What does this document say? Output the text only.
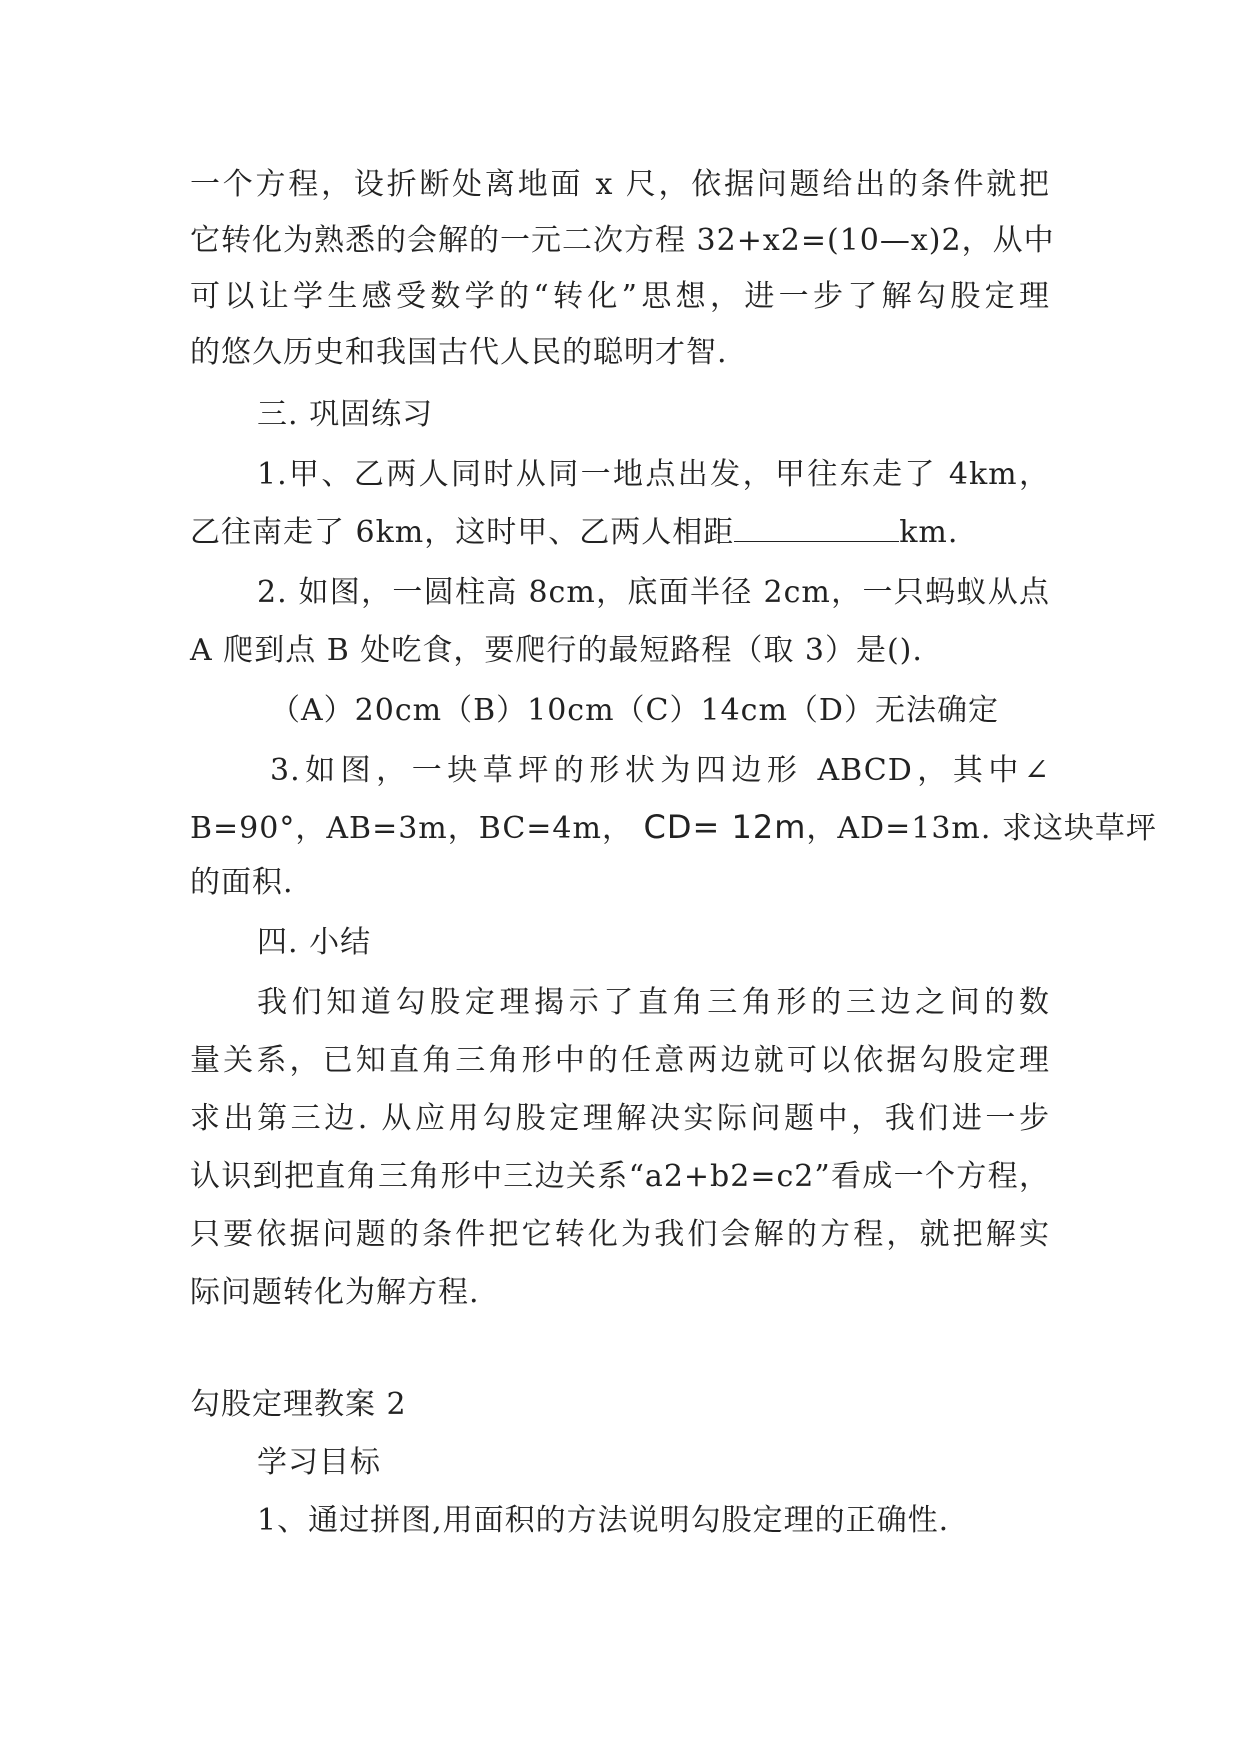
一个方程，设折断处离地面 x 尺，依据问题给出的条件就把
它转化为熟悉的会解的一元二次方程 32+x2=(10—x)2，从中
可以让学生感受数学的“转化”思想，进一步了解勾股定理
的悠久历史和我国古代人民的聪明才智.
三. 巩固练习
1.甲、乙两人同时从同一地点出发，甲往东走了 4km，
乙往南走了 6km，这时甲、乙两人相距	km.
2. 如图，一圆柱高 8cm，底面半径 2cm，一只蚂蚁从点
A 爬到点 B 处吃食，要爬行的最短路程（取 3）是().
（A）20cm（B）10cm（C）14cm（D）无法确定
3.如图，一块草坪的形状为四边形 ABCD，其中∠
B=90°，AB=3m，BC=4m， CD= 12m，AD=13m. 求这块草坪
的面积.
四. 小结
我们知道勾股定理揭示了直角三角形的三边之间的数
量关系，已知直角三角形中的任意两边就可以依据勾股定理
求出第三边. 从应用勾股定理解决实际问题中，我们进一步
认识到把直角三角形中三边关系“a2+b2=c2”看成一个方程，
只要依据问题的条件把它转化为我们会解的方程，就把解实
际问题转化为解方程.
勾股定理教案 2
学习目标
1、通过拼图,用面积的方法说明勾股定理的正确性.
